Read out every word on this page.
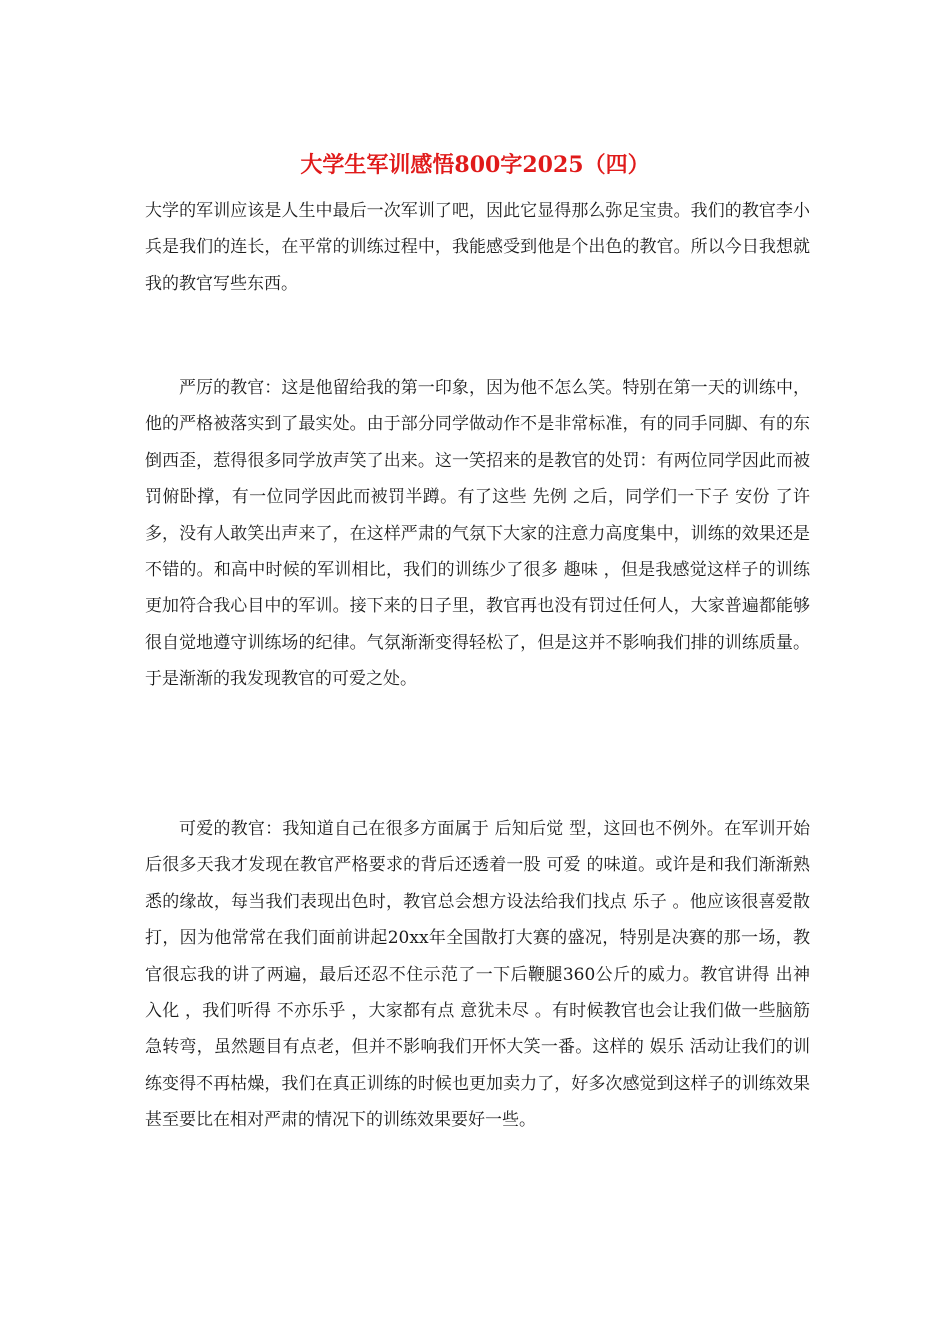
大学生军训感悟800字2025（四）

大学的军训应该是人生中最后一次军训了吧，因此它显得那么弥足宝贵。我们的教官李小兵是我们的连长，在平常的训练过程中，我能感受到他是个出色的教官。所以今日我想就我的教官写些东西。

严厉的教官：这是他留给我的第一印象，因为他不怎么笑。特别在第一天的训练中，他的严格被落实到了最实处。由于部分同学做动作不是非常标准，有的同手同脚、有的东倒西歪，惹得很多同学放声笑了出来。这一笑招来的是教官的处罚：有两位同学因此而被罚俯卧撑，有一位同学因此而被罚半蹲。有了这些 先例 之后，同学们一下子 安份 了许多，没有人敢笑出声来了，在这样严肃的气氛下大家的注意力高度集中，训练的效果还是不错的。和高中时候的军训相比，我们的训练少了很多 趣味 ，但是我感觉这样子的训练更加符合我心目中的军训。接下来的日子里，教官再也没有罚过任何人，大家普遍都能够很自觉地遵守训练场的纪律。气氛渐渐变得轻松了，但是这并不影响我们排的训练质量。于是渐渐的我发现教官的可爱之处。

可爱的教官：我知道自己在很多方面属于 后知后觉 型，这回也不例外。在军训开始后很多天我才发现在教官严格要求的背后还透着一股 可爱 的味道。或许是和我们渐渐熟悉的缘故，每当我们表现出色时，教官总会想方设法给我们找点 乐子 。他应该很喜爱散打，因为他常常在我们面前讲起20xx年全国散打大赛的盛况，特别是决赛的那一场，教官很忘我的讲了两遍，最后还忍不住示范了一下后鞭腿360公斤的威力。教官讲得 出神入化 ，我们听得 不亦乐乎 ，大家都有点 意犹未尽 。有时候教官也会让我们做一些脑筋急转弯，虽然题目有点老，但并不影响我们开怀大笑一番。这样的 娱乐 活动让我们的训练变得不再枯燥，我们在真正训练的时候也更加卖力了，好多次感觉到这样子的训练效果甚至要比在相对严肃的情况下的训练效果要好一些。
